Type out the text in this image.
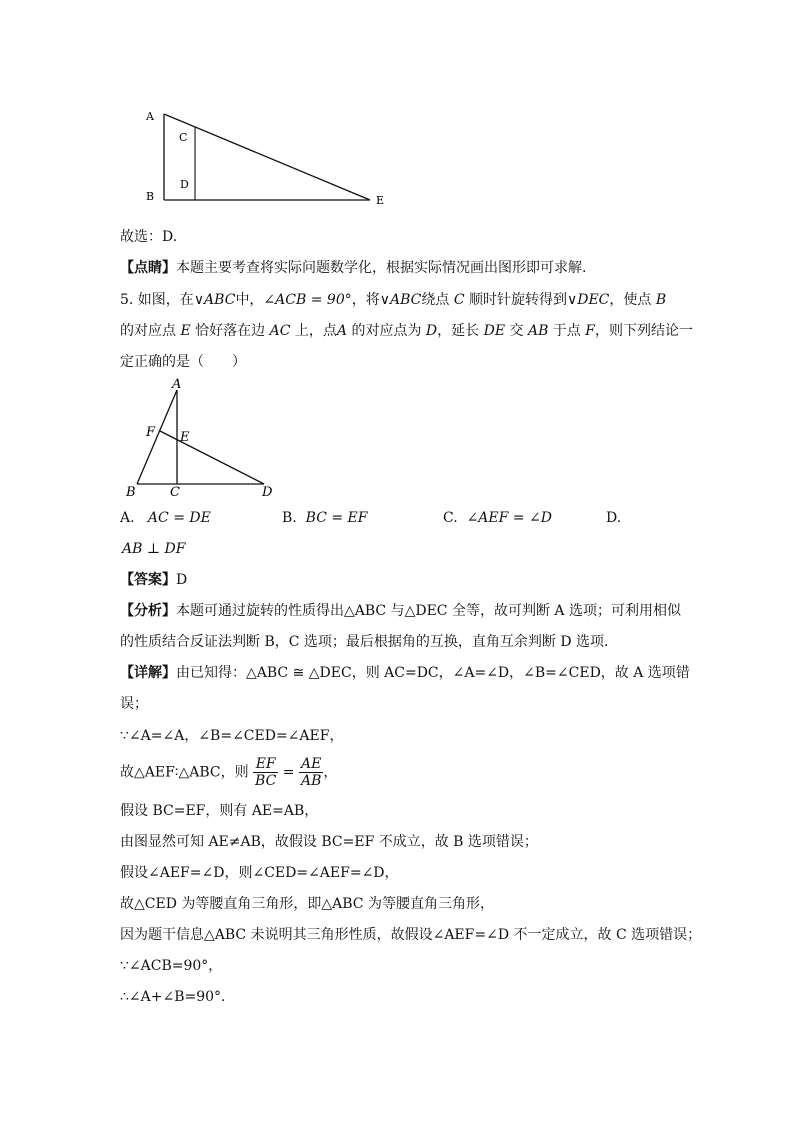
A
B
C
D
E
故选：D.
【点睛】本题主要考查将实际问题数学化，根据实际情况画出图形即可求解.
5. 如图，在∨ABC中，∠ACB = 90°，将∨ABC绕点 C 顺时针旋转得到∨DEC，使点 B
的对应点 E 恰好落在边 AC 上，点A 的对应点为 D，延长 DE 交 AB 于点 F，则下列结论一
定正确的是（　　）
A
F E
B	C	D
A. AC = DE	B. BC = EF	C. ∠AEF = ∠D	D.
AB ⊥ DF
【答案】D
【分析】本题可通过旋转的性质得出△ABC 与△DEC 全等，故可判断 A 选项；可利用相似
的性质结合反证法判断 B，C 选项；最后根据角的互换，直角互余判断 D 选项．
【详解】由已知得：△ABC ≅ △DEC，则 AC=DC，∠A=∠D，∠B=∠CED，故 A 选项错
误；
∵∠A=∠A，∠B=∠CED=∠AEF，
故△AEF∶△ABC，则 $\frac{EF}{BC} = \frac{AE}{AB}$ ，
假设 BC=EF，则有 AE=AB，
由图显然可知 AE≠AB，故假设 BC=EF 不成立，故 B 选项错误；
假设∠AEF=∠D，则∠CED=∠AEF=∠D，
故△CED 为等腰直角三角形，即△ABC 为等腰直角三角形，
因为题干信息△ABC 未说明其三角形性质，故假设∠AEF=∠D 不一定成立，故 C 选项错误；
∵∠ACB=90°，
∴∠A+∠B=90°．
